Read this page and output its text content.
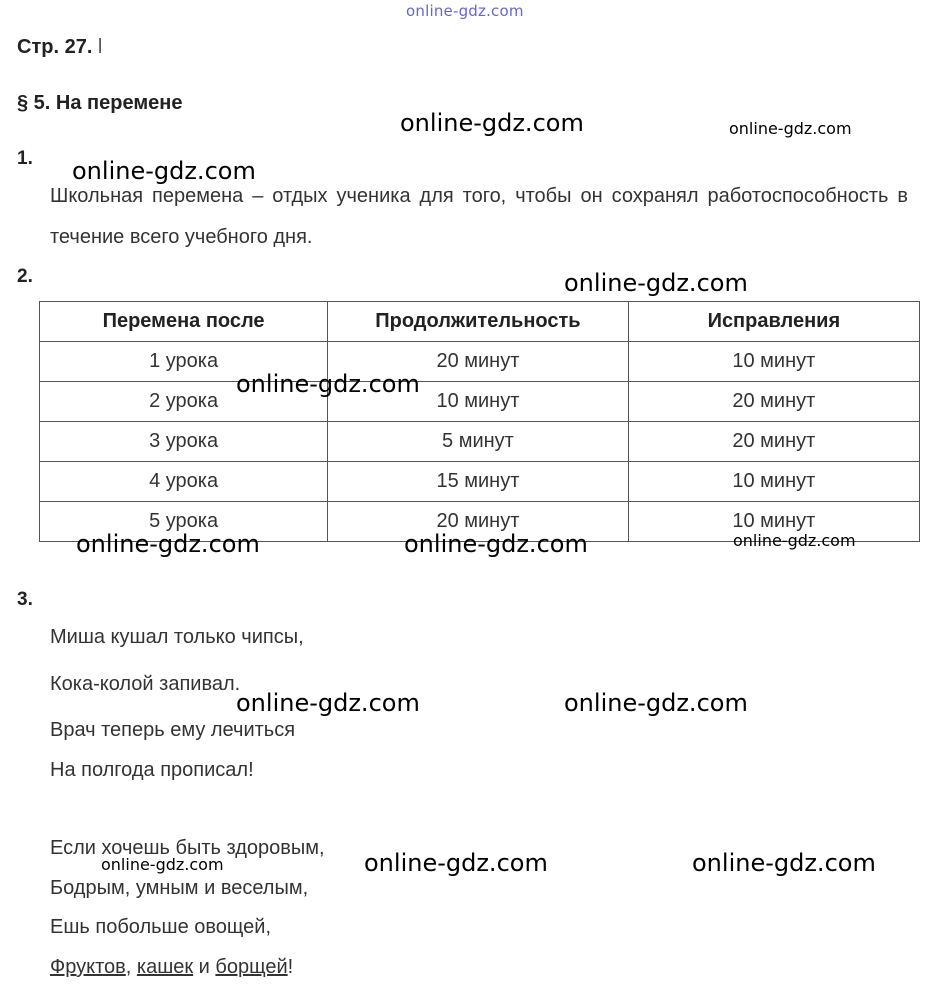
Стр. 27. l
§ 5. На перемене
1.
Школьная перемена – отдых ученика для того, чтобы он сохранял работоспособность в течение всего учебного дня.
2.
Перемена после	Продолжительность	Исправления
1 урока	20 минут	10 минут
2 урока	10 минут	20 минут
3 урока	5 минут	20 минут
4 урока	15 минут	10 минут
5 урока	20 минут	10 минут
3.
Миша кушал только чипсы,
Кока-колой запивал.
Врач теперь ему лечиться
На полгода прописал!
Если хочешь быть здоровым,
Бодрым, умным и веселым,
Ешь побольше овощей,
Фруктов, кашек и борщей!
online-gdz.com
online-gdz.com	online-gdz.com
online-gdz.com
online-gdz.com
online-gdz.com
online-gdz.com	online-gdz.com	online-gdz.com
online-gdz.com	online-gdz.com
online-gdz.com	online-gdz.com	online-gdz.com
